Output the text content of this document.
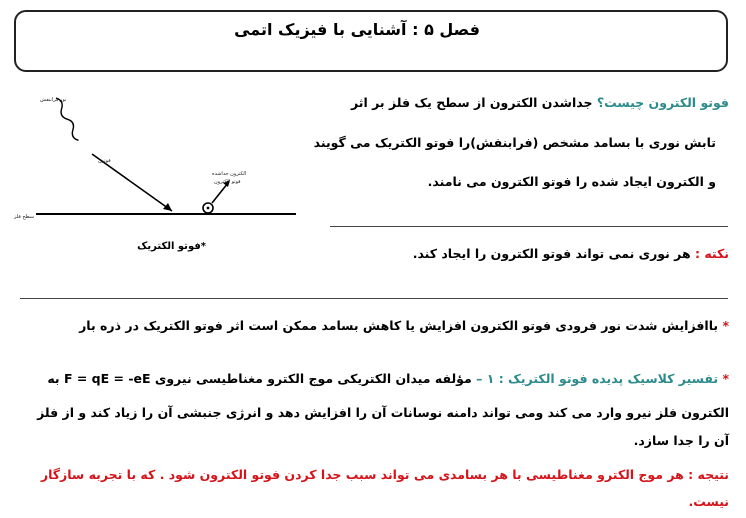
فصل ۵ : آشنایی با فیزیک اتمی
نور فرابنفش
فوتون
الکترون جداشده
فوتو الکترون
سطح فلز
*فوتو الکتریک
فوتو الکترون چیست؟ جداشدن الکترون از سطح یک فلز بر اثر
تابش نوری با بسامد مشخص (فرابنفش)را فوتو الکتریک می گویند
و الکترون ایجاد شده را فوتو الکترون می نامند.
نکته : هر نوری نمی تواند فوتو الکترون را ایجاد کند.
* باافزایش شدت نور فرودی فوتو الکترون افزایش یا کاهش بسامد ممکن است اثر فوتو الکتریک در ذره بار
* تفسیر کلاسیک پدیده فوتو الکتریک : ۱ – مؤلفه میدان الکتریکی موج الکترو مغناطیسی نیروی F = qE = -eE به
الکترون فلز نیرو وارد می کند ومی تواند دامنه نوسانات آن را افزایش دهد و انرژی جنبشی آن را زیاد کند و از فلز
آن را جدا سازد.
نتیجه : هر موج الکترو مغناطیسی با هر بسامدی می تواند سبب جدا کردن فوتو الکترون شود . که با تجربه سازگار
نیست.
